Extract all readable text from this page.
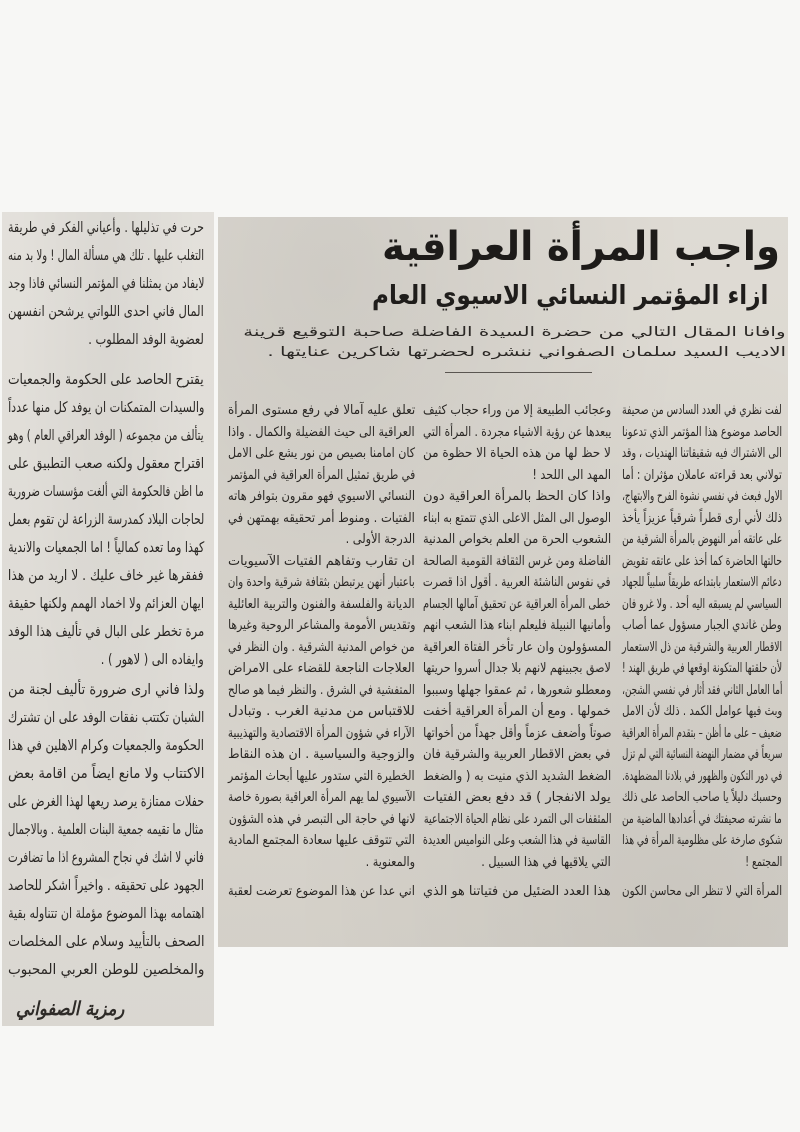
واجب المرأة العراقية
ازاء المؤتمر النسائي الاسيوي العام
وافانا المقال التالي من حضرة السيدة الفاضلة صاحبة التوقيع قرينة
الاديب السيد سلمان الصفواني ننشره لحضرتها شاكرين عنايتها .
لفت نظري في العدد السادس من صحيفة
الحاصد موضوع هذا المؤتمر الذي تدعونا
الى الاشتراك فيه شقيقاتنا الهنديات ، وقد
تولاني بعد قراءته عاملان مؤثران : أما
الاول فبعث في نفسي نشوة الفرح والابتهاج،
ذلك لأني أرى قطراً شرقياً عزيزاً يأخذ
على عاتقه أمر النهوض بالمرأة الشرقية من
حالتها الحاضرة كما أخذ على عاتقه تقويض
دعائم الاستعمار بابتداعه طريقاً سلبياً للجهاد
السياسي لم يسبقه اليه أحد . ولا غرو فان
وطن غاندي الجبار مسؤول عما أصاب
الاقطار العربية والشرقية من ذل الاستعمار
لأن حلقتها المتكونة اوقعها في طريق الهند !
أما العامل الثاني فقد أثار في نفسي الشجن،
وبث فيها عوامل الكمد . ذلك لأن الامل
ضعيف – على ما أظن – بتقدم المرأة العراقية
سريعاً في مضمار النهضة النسائية التي لم تزل
في دور التكون والظهور في بلادنا المضطهدة.
وحسبك دليلاً يا صاحب الحاصد على ذلك
ما نشرته صحيفتك في أعدادها الماضية من
شكوى صارخة على مظلومية المرأة في هذا
المجتمع !
المرأة التي لا تنظر الى محاسن الكون
وعجائب الطبيعة إلا من وراء حجاب كثيف
يبعدها عن رؤية الاشياء مجردة . المرأة التي
لا حظ لها من هذه الحياة الا حظوة من
المهد الى اللحد !
واذا كان الحظ بالمرأة العراقية دون
الوصول الى المثل الاعلى الذي تتمتع به ابناء
الشعوب الحرة من العلم بخواص المدنية
الفاضلة ومن غرس الثقافة القومية الصالحة
في نفوس الناشئة العربية . أقول اذا قصرت
خطى المرأة العراقية عن تحقيق آمالها الجسام
وأمانيها النبيلة فليعلم ابناء هذا الشعب انهم
المسؤولون وان عار تأخر الفتاة العراقية
لاصق بجبينهم لانهم بلا جدال أسروا حريتها
ومعطلو شعورها ، ثم عمقوا جهلها وسببوا
خمولها . ومع أن المرأة العراقية أخفت
صوتاً وأضعف عزماً وأقل جهداً من أخواتها
في بعض الاقطار العربية والشرقية فان
الضغط الشديد الذي منيت به ( والضغط
يولد الانفجار ) قد دفع بعض الفتيات
المثقفات الى التمرد على نظام الحياة الاجتماعية
القاسية في هذا الشعب وعلى النواميس العديدة
التي يلاقيها في هذا السبيل .
هذا العدد الضئيل من فتياتنا هو الذي
تعلق عليه آمالا في رفع مستوى المرأة
العراقية الى حيث الفضيلة والكمال . واذا
كان امامنا بصيص من نور يشع على الامل
في طريق تمثيل المرأة العراقية في المؤتمر
النسائي الاسيوي فهو مقرون بتوافر هاته
الفتيات . ومنوط أمر تحقيقه بهمتهن في
الدرجة الأولى .
ان تقارب وتفاهم الفتيات الآسيويات
باعتبار أنهن يرتبطن بثقافة شرقية واحدة وان
الديانة والفلسفة والفنون والتربية العائلية
وتقديس الأمومة والمشاعر الروحية وغيرها
من خواص المدنية الشرقية . وان النظر في
العلاجات الناجعة للقضاء على الامراض
المتفشية في الشرق . والنظر فيما هو صالح
للاقتباس من مدنية الغرب . وتبادل
الآراء في شؤون المرأة الاقتصادية والتهذيبية
والزوجية والسياسية . ان هذه النقاط
الخطيرة التي ستدور عليها أبحاث المؤتمر
الآسيوي لما يهم المرأة العراقية بصورة خاصة
لانها في حاجة الى التبصر في هذه الشؤون
التي تتوقف عليها سعادة المجتمع المادية
والمعنوية .
اني عدا عن هذا الموضوع تعرضت لعقبة
حرت في تذليلها . وأعياني الفكر في طريقة
التغلب عليها . تلك هي مسألة المال ! ولا بد منه
لايفاد من يمثلنا في المؤتمر النسائي فاذا وجد
المال فاني احدى اللواتي يرشحن انفسهن
لعضوية الوفد المطلوب .
يقترح الحاصد على الحكومة والجمعيات
والسيدات المتمكنات ان يوفد كل منها عدداً
يتألف من مجموعه ( الوفد العراقي العام ) وهو
اقتراح معقول ولكنه صعب التطبيق على
ما اظن فالحكومة التي ألغت مؤسسات ضرورية
لحاجات البلاد كمدرسة الزراعة لن تقوم بعمل
كهذا وما تعده كمالياً ! اما الجمعيات والاندية
ففقرها غير خاف عليك . لا اريد من هذا
ايهان العزائم ولا اخماد الهمم ولكنها حقيقة
مرة تخطر على البال في تأليف هذا الوفد
وايفاده الى ( لاهور ) .
ولذا فاني ارى ضرورة تأليف لجنة من
الشبان تكتتب نفقات الوفد على ان تشترك
الحكومة والجمعيات وكرام الاهلين في هذا
الاكتتاب ولا مانع ايضاً من اقامة بعض
حفلات ممتازة يرصد ريعها لهذا الغرض على
مثال ما تقيمه جمعية البنات العلمية . وبالاجمال
فاني لا اشك في نجاح المشروع اذا ما تضافرت
الجهود على تحقيقه . واخيراً اشكر للحاصد
اهتمامه بهذا الموضوع مؤملة ان تتناوله بقية
الصحف بالتأييد وسلام على المخلصات
والمخلصين للوطن العربي المحبوب
رمزية الصفواني
